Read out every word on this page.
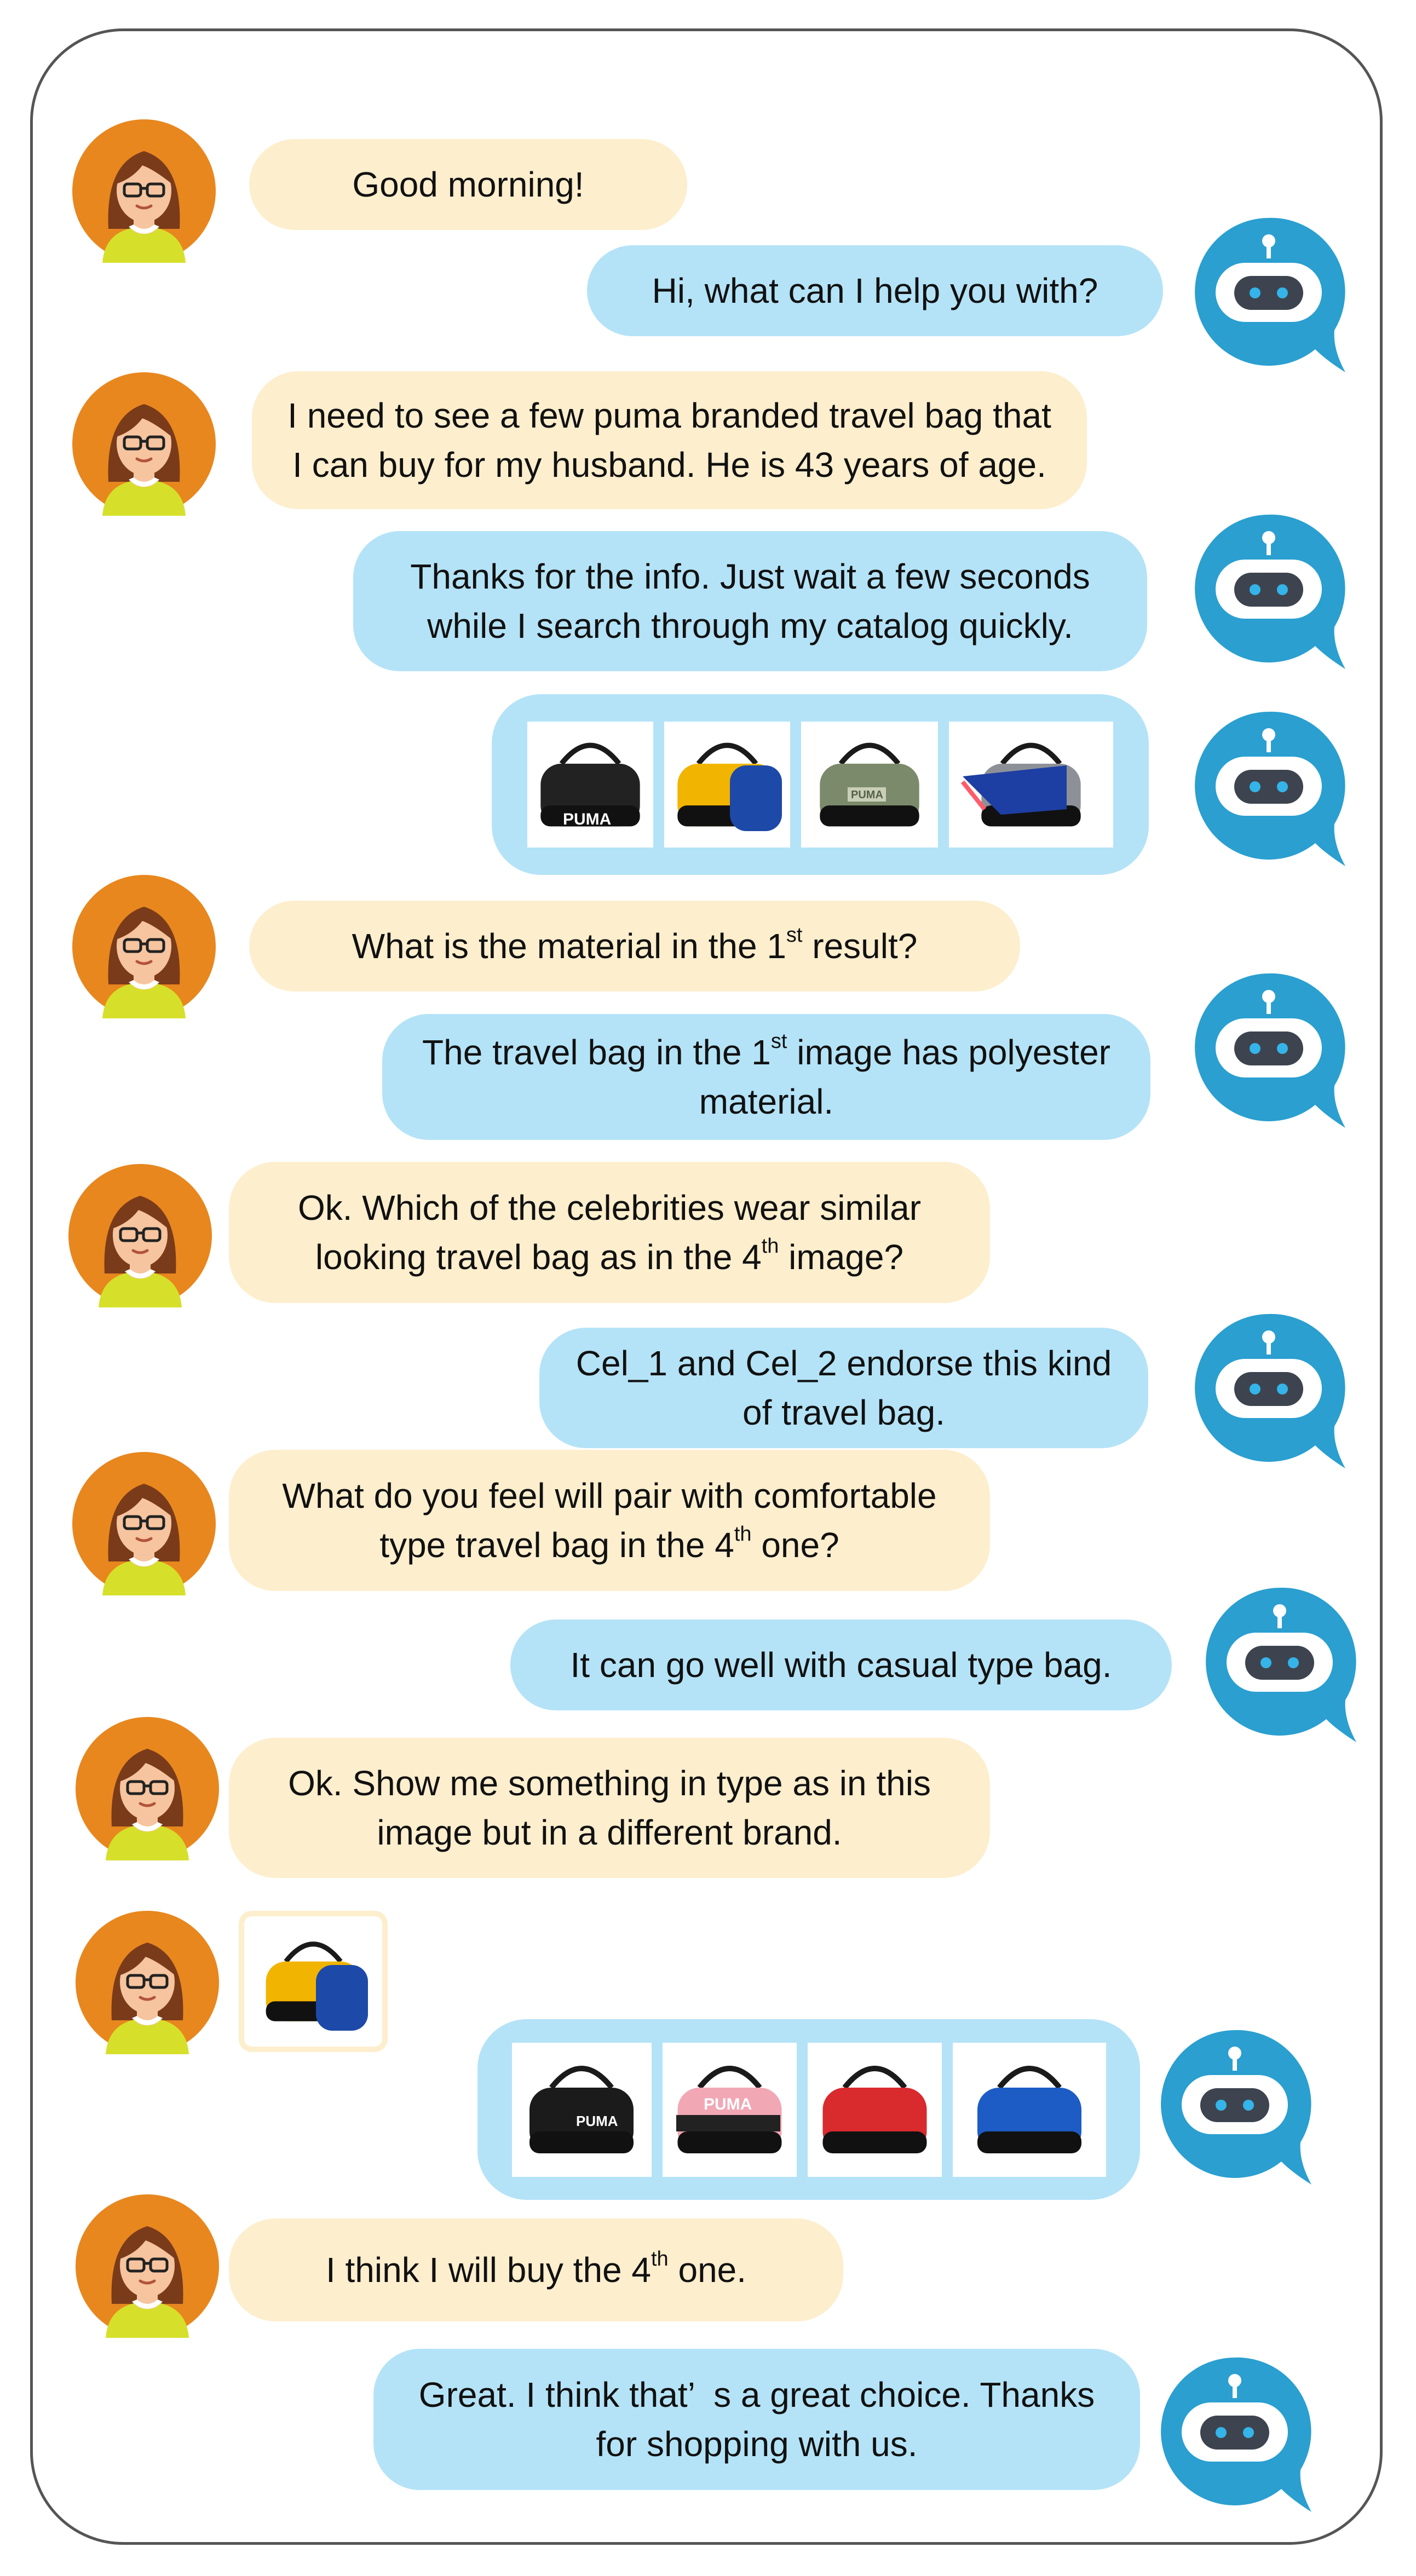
Good morning!
Hi, what can I help you with?
I need to see a few puma branded travel bag that
I can buy for my husband. He is 43 years of age.
Thanks for the info. Just wait a few seconds
while I search through my catalog quickly.
PUMA
PUMA
What is the material in the 1st result?
The travel bag in the 1st image has polyester
material.
Ok. Which of the celebrities wear similar
looking travel bag as in the 4th image?
Cel_1 and Cel_2 endorse this kind
of travel bag.
What do you feel will pair with comfortable
type travel bag in the 4th one?
It can go well with casual type bag.
Ok. Show me something in type as in this
image but in a different brand.
PUMA
PUMA
I think I will buy the 4th one.
Great. I think that’  s a great choice. Thanks
for shopping with us.
